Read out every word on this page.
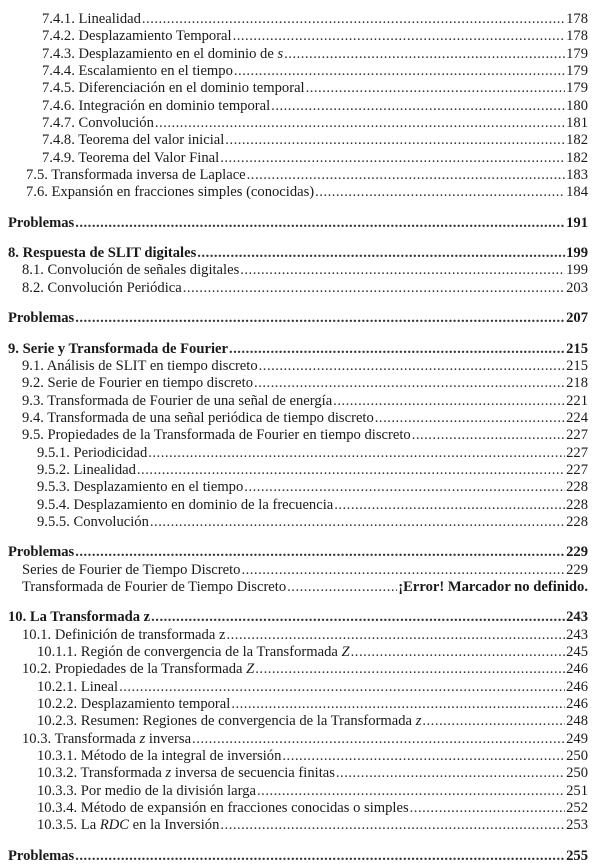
7.4.1. Linealidad .....	178
7.4.2. Desplazamiento Temporal .....	178
7.4.3. Desplazamiento en el dominio de s .....	179
7.4.4. Escalamiento en el tiempo .....	179
7.4.5. Diferenciación en el dominio temporal .....	179
7.4.6. Integración en dominio temporal .....	180
7.4.7. Convolución .....	181
7.4.8. Teorema del valor inicial .....	182
7.4.9. Teorema del Valor Final .....	182
7.5. Transformada inversa de Laplace .....	183
7.6. Expansión en fracciones simples (conocidas) .....	184
Problemas .....	191
8. Respuesta de SLIT digitales .....	199
8.1. Convolución de señales digitales .....	199
8.2. Convolución Periódica .....	203
Problemas .....	207
9. Serie y Transformada de Fourier .....	215
9.1. Análisis de SLIT en tiempo discreto .....	215
9.2. Serie de Fourier en tiempo discreto .....	218
9.3. Transformada de Fourier de una señal de energía .....	221
9.4. Transformada de una señal periódica de tiempo discreto .....	224
9.5. Propiedades de la Transformada de Fourier en tiempo discreto .....	227
9.5.1. Periodicidad .....	227
9.5.2. Linealidad .....	227
9.5.3. Desplazamiento en el tiempo .....	228
9.5.4. Desplazamiento en dominio de la frecuencia .....	228
9.5.5. Convolución .....	228
Problemas .....	229
Series de Fourier de Tiempo Discreto .....	229
Transformada de Fourier de Tiempo Discreto .....	¡Error! Marcador no definido.
10. La Transformada z .....	243
10.1. Definición de transformada z .....	243
10.1.1. Región de convergencia de la Transformada Z .....	245
10.2. Propiedades de la Transformada Z .....	246
10.2.1. Lineal .....	246
10.2.2. Desplazamiento temporal .....	246
10.2.3. Resumen: Regiones de convergencia de la Transformada z .....	248
10.3. Transformada z inversa .....	249
10.3.1. Método de la integral de inversión .....	250
10.3.2. Transformada z inversa de secuencia finitas .....	250
10.3.3. Por medio de la división larga .....	251
10.3.4. Método de expansión en fracciones conocidas o simples .....	252
10.3.5. La RDC en la Inversión .....	253
Problemas .....	255
